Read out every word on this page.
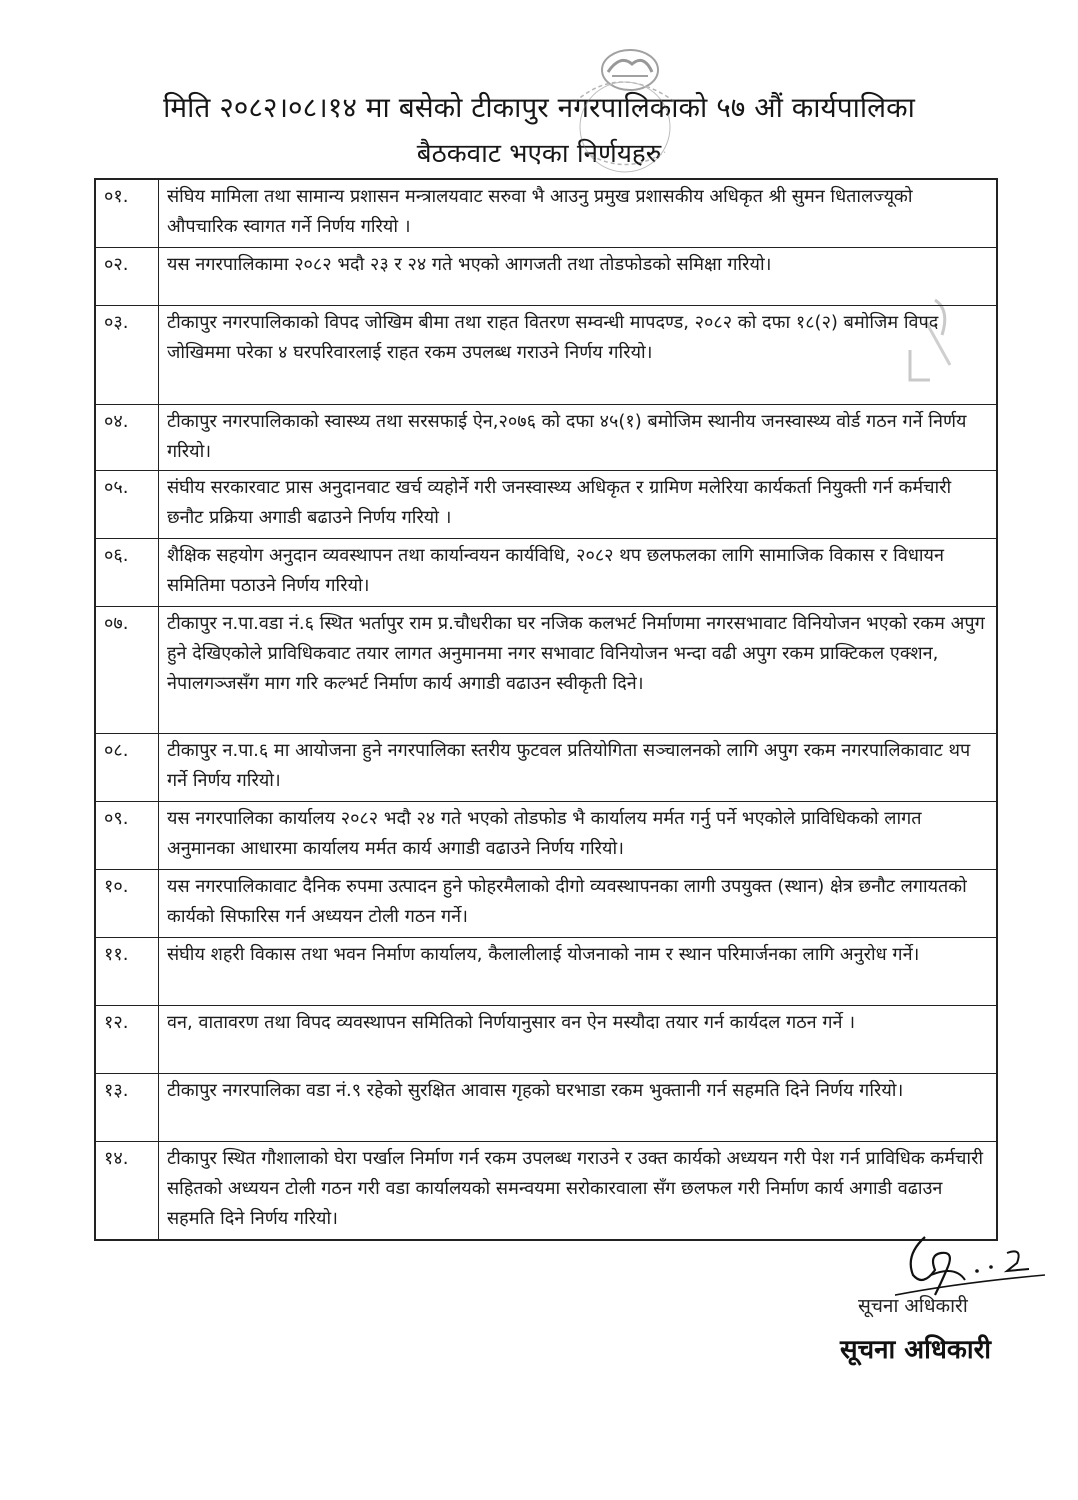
मिति २०८२।०८।१४ मा बसेको टीकापुर नगरपालिकाको ५७ औं कार्यपालिका
बैठकवाट भएका निर्णयहरु
०१.	संघिय मामिला तथा सामान्य प्रशासन मन्त्रालयवाट सरुवा भै आउनु प्रमुख प्रशासकीय अधिकृत श्री सुमन धितालज्यूको औपचारिक स्वागत गर्ने निर्णय गरियो ।
०२.	यस नगरपालिकामा २०८२ भदौ २३ र २४ गते भएको आगजती तथा तोडफोडको समिक्षा गरियो।
०३.	टीकापुर नगरपालिकाको विपद जोखिम बीमा तथा राहत वितरण सम्वन्धी मापदण्ड, २०८२ को दफा १८(२) बमोजिम विपद जोखिममा परेका ४ घरपरिवारलाई राहत रकम उपलब्ध गराउने निर्णय गरियो।
०४.	टीकापुर नगरपालिकाको स्वास्थ्य तथा सरसफाई ऐन,२०७६ को दफा ४५(१) बमोजिम स्थानीय जनस्वास्थ्य वोर्ड गठन गर्ने निर्णय गरियो।
०५.	संघीय सरकारवाट प्रास अनुदानवाट खर्च व्यहोर्ने गरी जनस्वास्थ्य अधिकृत र ग्रामिण मलेरिया कार्यकर्ता नियुक्ती गर्न कर्मचारी छनौट प्रक्रिया अगाडी बढाउने निर्णय गरियो ।
०६.	शैक्षिक सहयोग अनुदान व्यवस्थापन तथा कार्यान्वयन कार्यविधि, २०८२ थप छलफलका लागि सामाजिक विकास र विधायन समितिमा पठाउने निर्णय गरियो।
०७.	टीकापुर न.पा.वडा नं.६ स्थित भर्तापुर राम प्र.चौधरीका घर नजिक कलभर्ट निर्माणमा नगरसभावाट विनियोजन भएको रकम अपुग हुने देखिएकोले प्राविधिकवाट तयार लागत अनुमानमा नगर सभावाट विनियोजन भन्दा वढी अपुग रकम प्राक्टिकल एक्शन, नेपालगञ्जसँग माग गरि कल्भर्ट निर्माण कार्य अगाडी वढाउन स्वीकृती दिने।
०८.	टीकापुर न.पा.६ मा आयोजना हुने नगरपालिका स्तरीय फुटवल प्रतियोगिता सञ्चालनको लागि अपुग रकम नगरपालिकावाट थप गर्ने निर्णय गरियो।
०९.	यस नगरपालिका कार्यालय २०८२ भदौ २४ गते भएको तोडफोड भै कार्यालय मर्मत गर्नु पर्ने भएकोले प्राविधिकको लागत अनुमानका आधारमा कार्यालय मर्मत कार्य अगाडी वढाउने निर्णय गरियो।
१०.	यस नगरपालिकावाट दैनिक रुपमा उत्पादन हुने फोहरमैलाको दीगो व्यवस्थापनका लागी उपयुक्त (स्थान) क्षेत्र छनौट लगायतको कार्यको सिफारिस गर्न अध्ययन टोली गठन गर्ने।
११.	संघीय शहरी विकास तथा भवन निर्माण कार्यालय, कैलालीलाई योजनाको नाम र स्थान परिमार्जनका लागि अनुरोध गर्ने।
१२.	वन, वातावरण तथा विपद व्यवस्थापन समितिको निर्णयानुसार वन ऐन मस्यौदा तयार गर्न कार्यदल गठन गर्ने ।
१३.	टीकापुर नगरपालिका वडा नं.९ रहेको सुरक्षित आवास गृहको घरभाडा रकम भुक्तानी गर्न सहमति दिने निर्णय गरियो।
१४.	टीकापुर स्थित गौशालाको घेरा पर्खाल निर्माण गर्न रकम उपलब्ध गराउने र उक्त कार्यको अध्ययन गरी पेश गर्न प्राविधिक कर्मचारी सहितको अध्ययन टोली गठन गरी वडा कार्यालयको समन्वयमा सरोकारवाला सँग छलफल गरी निर्माण कार्य अगाडी वढाउन सहमति दिने निर्णय गरियो।
सूचना अधिकारी
सूचना अधिकारी
